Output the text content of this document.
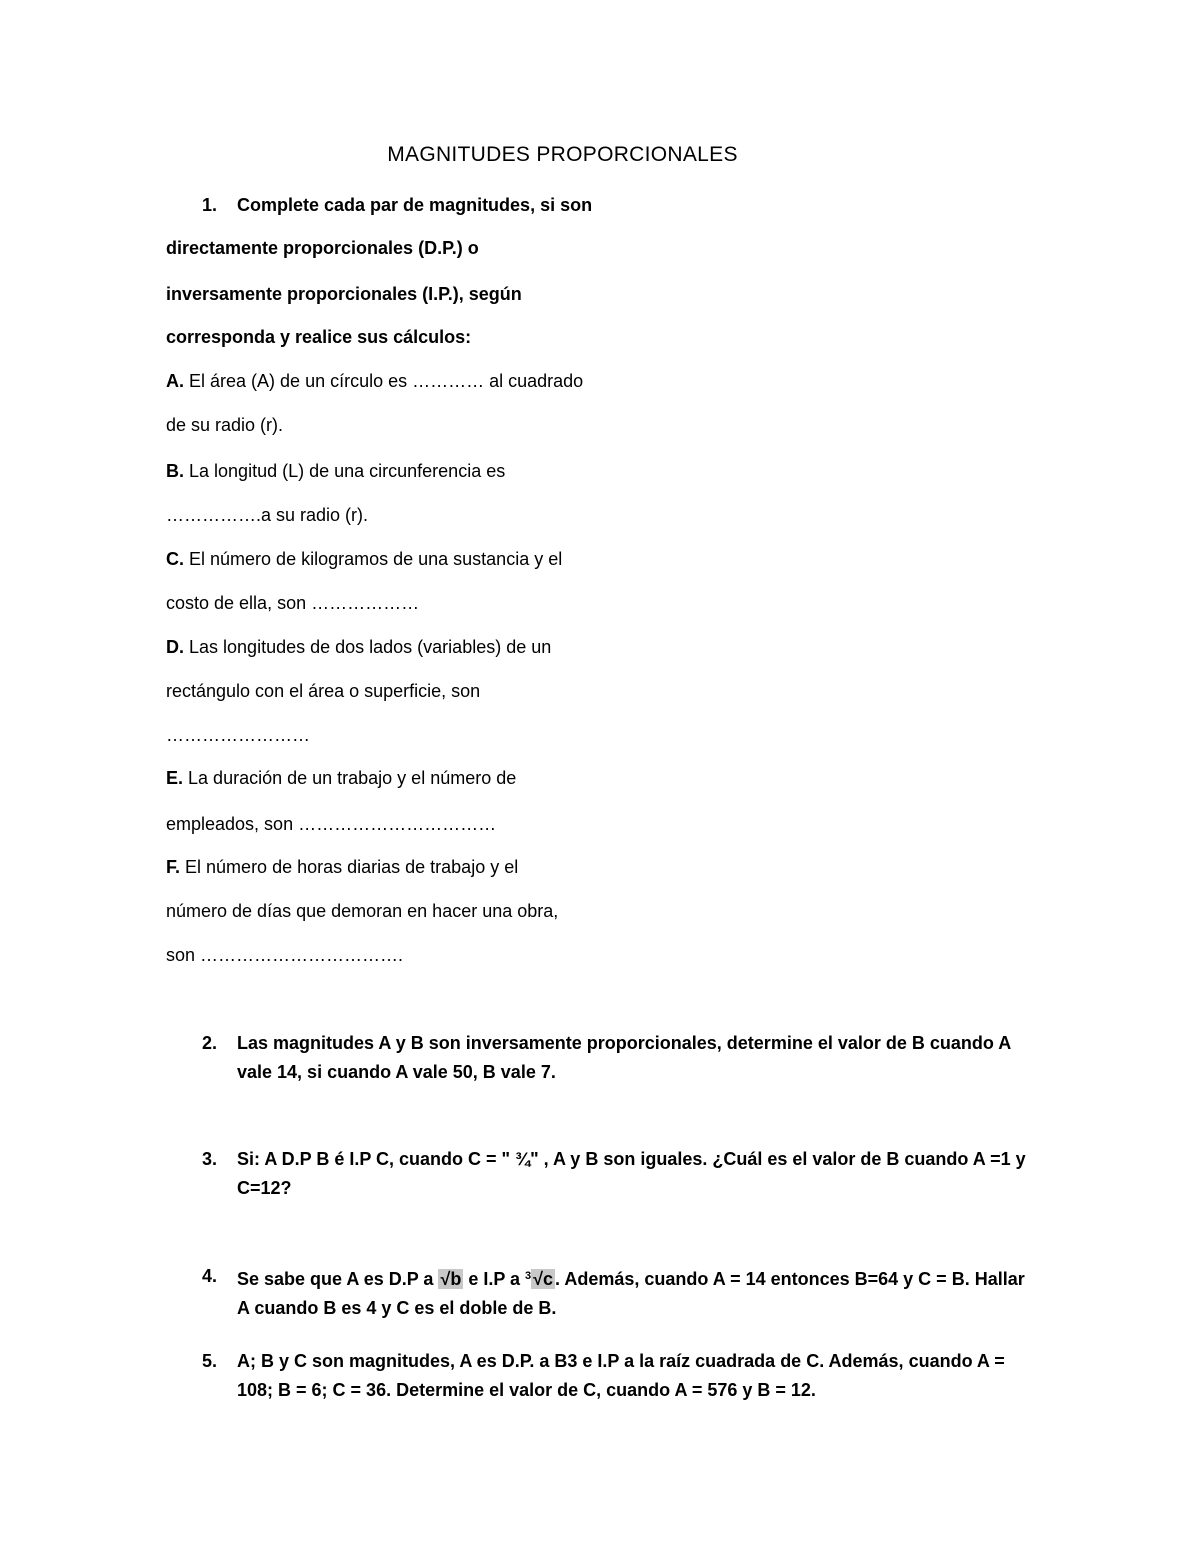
MAGNITUDES PROPORCIONALES
1. Complete cada par de magnitudes, si son
directamente proporcionales (D.P.) o
inversamente proporcionales (I.P.), según
corresponda y realice sus cálculos:
A. El área (A) de un círculo es ………… al cuadrado
de su radio (r).
B. La longitud (L) de una circunferencia es
…………….a su radio (r).
C. El número de kilogramos de una sustancia y el
costo de ella, son ………………
D. Las longitudes de dos lados (variables) de un
rectángulo con el área o superficie, son
……………………
E. La duración de un trabajo y el número de
empleados, son ……………………………
F. El número de horas diarias de trabajo y el
número de días que demoran en hacer una obra,
son …………………………….
2. Las magnitudes A y B son inversamente proporcionales, determine el valor de B cuando A vale 14, si cuando A vale 50, B vale 7.
3. Si: A D.P B é I.P C, cuando C = " ¾" , A y B son iguales. ¿Cuál es el valor de B cuando A =1 y C=12?
4. Se sabe que A es D.P a √b e I.P a $^3$ √c . Además, cuando A = 14 entonces B=64 y C = B. Hallar A cuando B es 4 y C es el doble de B.
5. A; B y C son magnitudes, A es D.P. a B3 e I.P a la raíz cuadrada de C. Además, cuando A = 108; B = 6; C = 36. Determine el valor de C, cuando A = 576 y B = 12.
